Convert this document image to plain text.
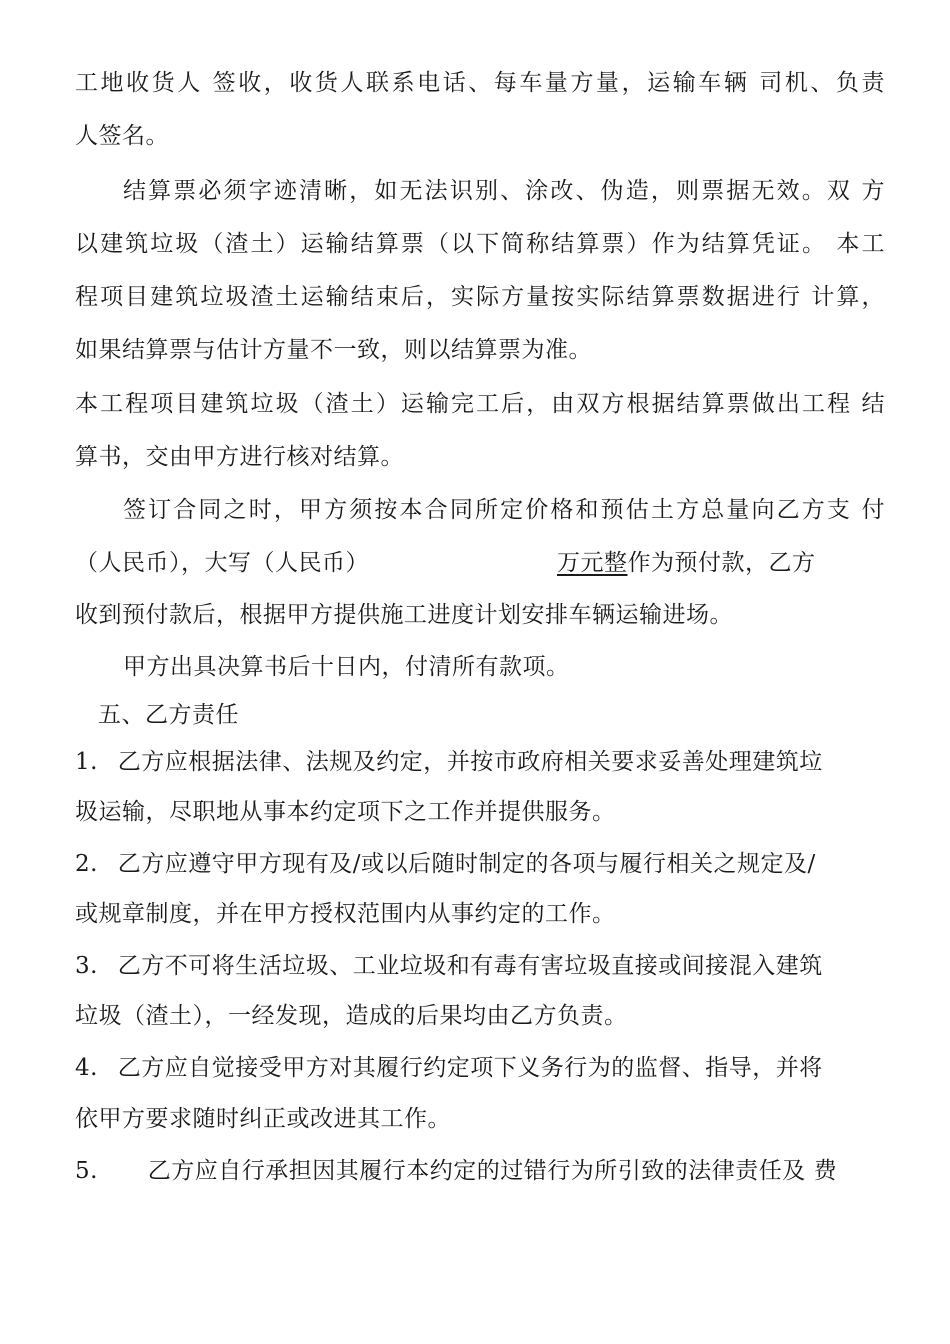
工地收货人 签收，收货人联系电话、每车量方量，运输车辆 司机、负责
人签名。
结算票必须字迹清晰，如无法识别、涂改、伪造，则票据无效。双 方
以建筑垃圾（渣土）运输结算票（以下简称结算票）作为结算凭证。 本工
程项目建筑垃圾渣土运输结束后，实际方量按实际结算票数据进行 计算，
如果结算票与估计方量不一致，则以结算票为准。
本工程项目建筑垃圾（渣土）运输完工后，由双方根据结算票做出工程 结
算书，交由甲方进行核对结算。
签订合同之时，甲方须按本合同所定价格和预估土方总量向乙方支 付
（人民币），大写（人民币）	万元整作为预付款，乙方
收到预付款后，根据甲方提供施工进度计划安排车辆运输进场。
甲方出具决算书后十日内，付清所有款项。
五、乙方责任
1. 乙方应根据法律、法规及约定，并按市政府相关要求妥善处理建筑垃
圾运输，尽职地从事本约定项下之工作并提供服务。
2. 乙方应遵守甲方现有及/或以后随时制定的各项与履行相关之规定及/
或规章制度，并在甲方授权范围内从事约定的工作。
3. 乙方不可将生活垃圾、工业垃圾和有毒有害垃圾直接或间接混入建筑
垃圾（渣土），一经发现，造成的后果均由乙方负责。
4. 乙方应自觉接受甲方对其履行约定项下义务行为的监督、指导，并将
依甲方要求随时纠正或改进其工作。
5. 乙方应自行承担因其履行本约定的过错行为所引致的法律责任及 费
